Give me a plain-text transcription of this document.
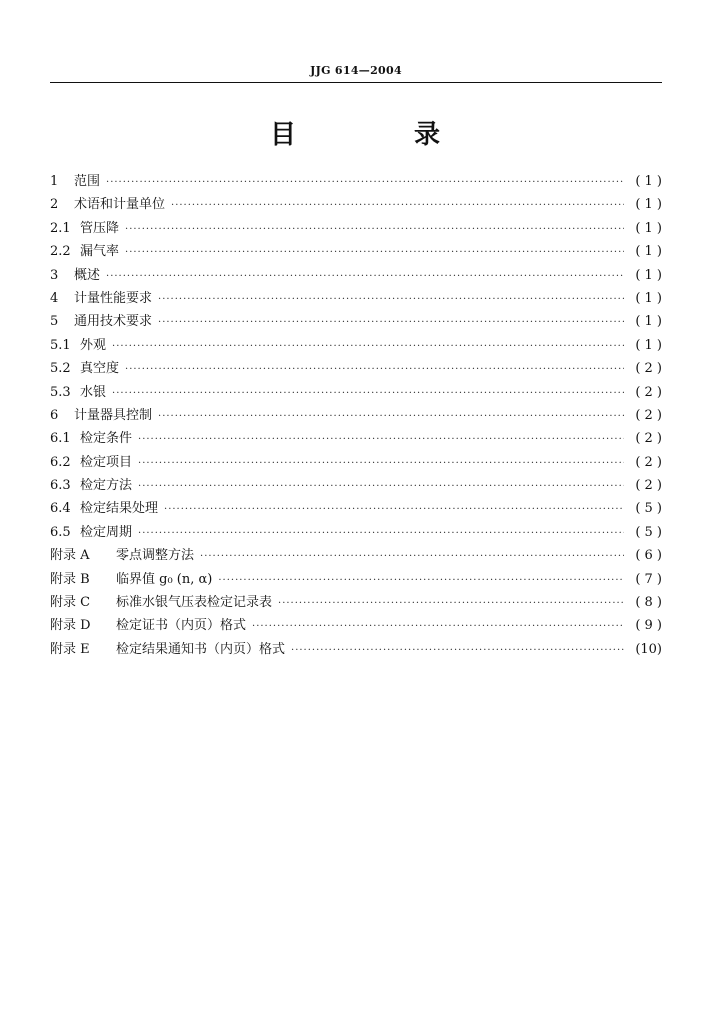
JJG 614—2004
目　录
1	范围 ·····	( 1 )
2	术语和计量单位 ·····	( 1 )
2.1 管压降 ·····	( 1 )
2.2 漏气率 ·····	( 1 )
3	概述 ·····	( 1 )
4	计量性能要求 ·····	( 1 )
5	通用技术要求 ·····	( 1 )
5.1 外观 ·····	( 1 )
5.2 真空度 ·····	( 2 )
5.3 水银 ·····	( 2 )
6	计量器具控制 ·····	( 2 )
6.1 检定条件 ·····	( 2 )
6.2 检定项目 ·····	( 2 )
6.3 检定方法 ·····	( 2 )
6.4 检定结果处理 ·····	( 5 )
6.5 检定周期 ·····	( 5 )
附录 A	零点调整方法 ·····	( 6 )
附录 B	临界值 g₀ (n, α) ·····	( 7 )
附录 C	标准水银气压表检定记录表 ·····	( 8 )
附录 D	检定证书（内页）格式 ·····	( 9 )
附录 E	检定结果通知书（内页）格式 ·····	(10)
